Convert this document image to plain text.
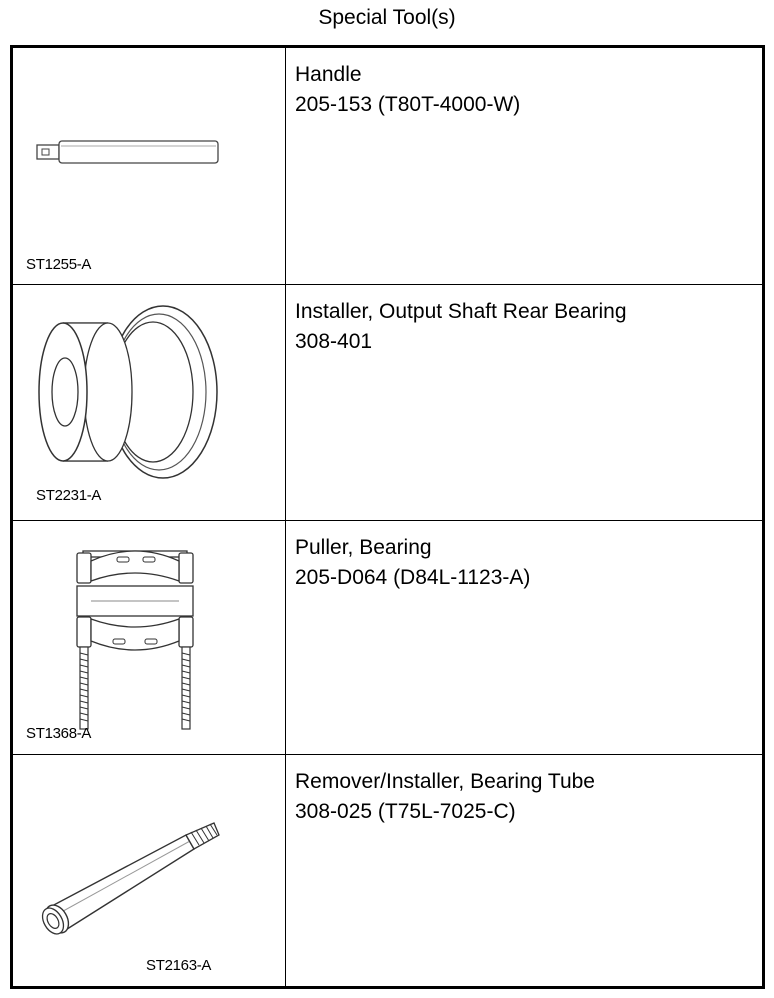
Special Tool(s)
ST1255-A
Handle
205-153 (T80T-4000-W)
ST2231-A
Installer, Output Shaft Rear Bearing
308-401
ST1368-A
Puller, Bearing
205-D064 (D84L-1123-A)
ST2163-A
Remover/Installer, Bearing Tube
308-025 (T75L-7025-C)
